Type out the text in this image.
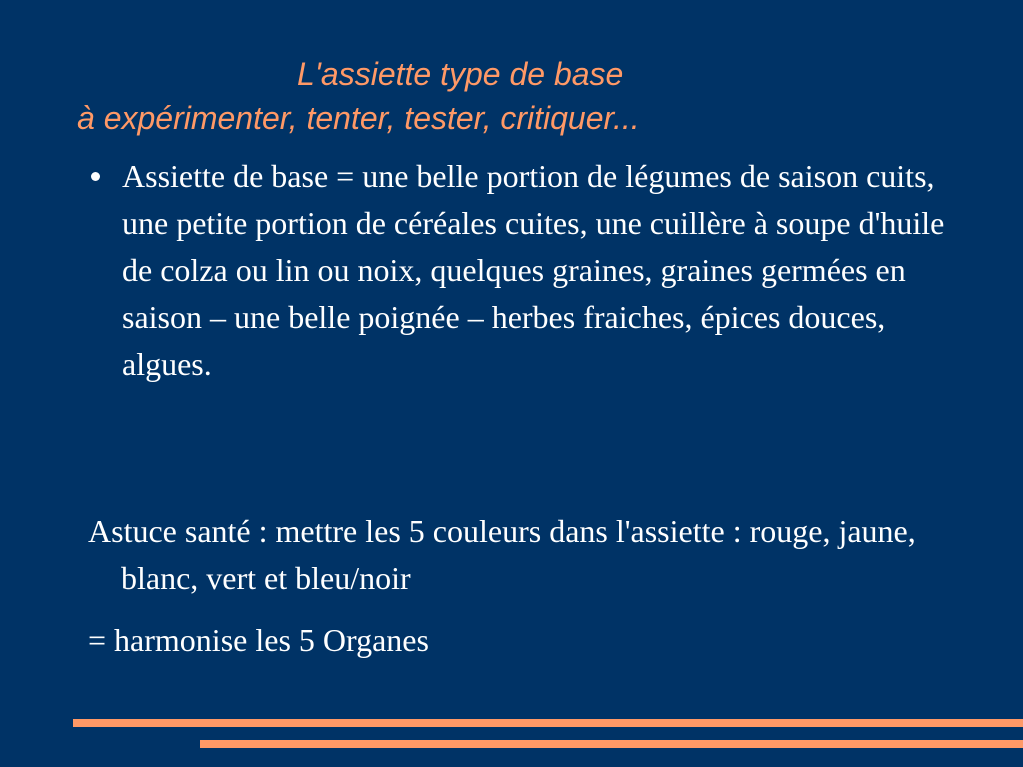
L'assiette type de base
à expérimenter, tenter, tester, critiquer...
Assiette de base = une belle portion de légumes de saison cuits, une petite portion de céréales cuites, une cuillère à soupe d'huile de colza ou lin ou noix, quelques graines, graines germées en saison – une belle poignée – herbes fraiches, épices douces, algues.
Astuce santé : mettre les 5 couleurs dans l'assiette : rouge, jaune, blanc, vert et bleu/noir
= harmonise les 5 Organes
